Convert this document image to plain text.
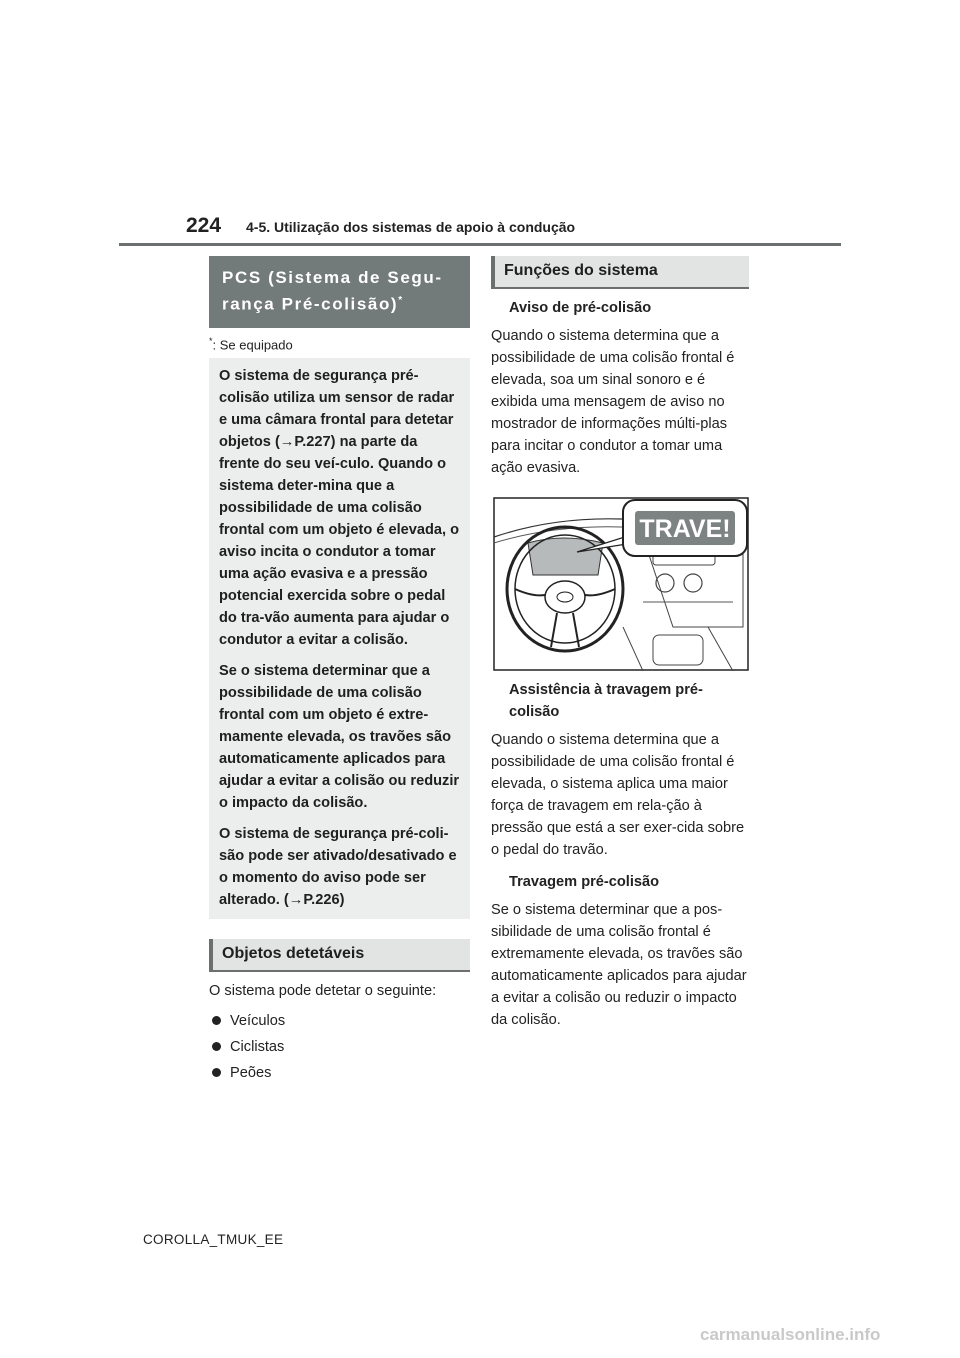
224 4-5. Utilização dos sistemas de apoio à condução
PCS (Sistema de Segu-rança Pré-colisão)*
*: Se equipado

O sistema de segurança pré-colisão utiliza um sensor de radar e uma câmara frontal para detetar objetos (→P.227) na parte da frente do seu veí-culo. Quando o sistema deter-mina que a possibilidade de uma colisão frontal com um objeto é elevada, o aviso incita o condutor a tomar uma ação evasiva e a pressão potencial exercida sobre o pedal do tra-vão aumenta para ajudar o condutor a evitar a colisão.

Se o sistema determinar que a possibilidade de uma colisão frontal com um objeto é extre-mamente elevada, os travões são automaticamente aplicados para ajudar a evitar a colisão ou reduzir o impacto da colisão.

O sistema de segurança pré-coli-são pode ser ativado/desativado e o momento do aviso pode ser alterado. (→P.226)

Objetos detetáveis

O sistema pode detetar o seguinte:

Veículos
Ciclistas
Peões
Funções do sistema
Aviso de pré-colisão

Quando o sistema determina que a possibilidade de uma colisão frontal é elevada, soa um sinal sonoro e é exibida uma mensagem de aviso no mostrador de informações múlti-plas para incitar o condutor a tomar uma ação evasiva.

TRAVE!
Assistência à travagem pré-colisão

Quando o sistema determina que a possibilidade de uma colisão frontal é elevada, o sistema aplica uma maior força de travagem em rela-ção à pressão que está a ser exer-cida sobre o pedal do travão.

Travagem pré-colisão

Se o sistema determinar que a pos-sibilidade de uma colisão frontal é extremamente elevada, os travões são automaticamente aplicados para ajudar a evitar a colisão ou reduzir o impacto da colisão.

COROLLA_TMUK_EE
carmanualsonline.info
